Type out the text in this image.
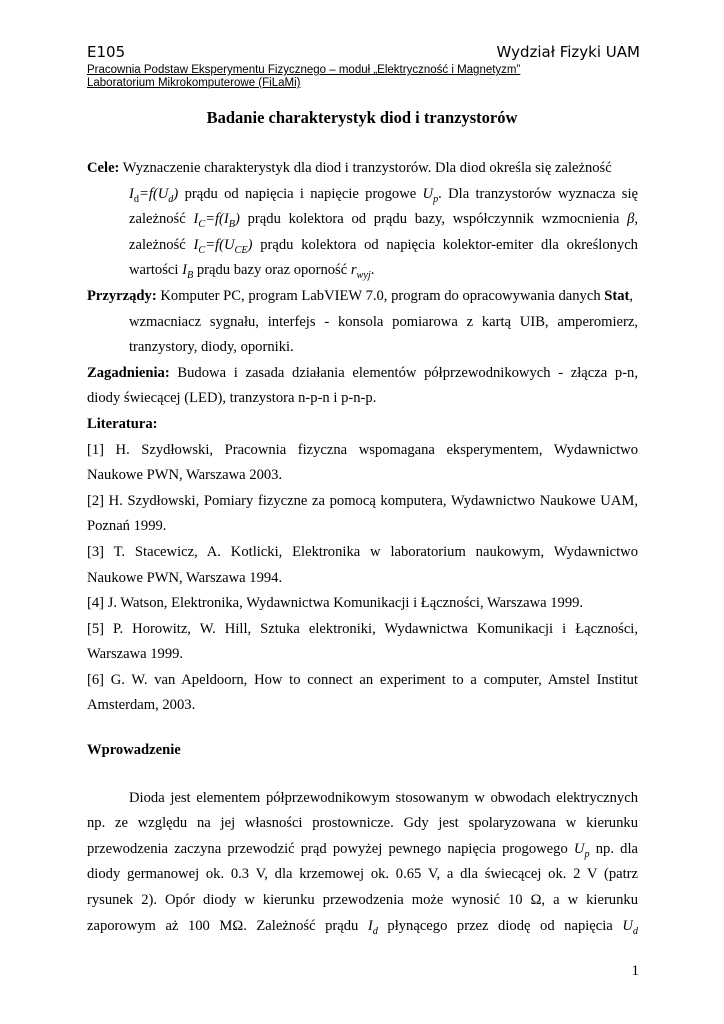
E105	Wydział Fizyki UAM
Pracownia Podstaw Eksperymentu Fizycznego – moduł „Elektryczność i Magnetyzm”
Laboratorium Mikrokomputerowe (FiLaMi)
Badanie charakterystyk diod i tranzystorów

Cele: Wyznaczenie charakterystyk dla diod i tranzystorów. Dla diod określa się zależność

$I_d=f(U_d)$ prądu od napięcia i napięcie progowe $U_p$. Dla tranzystorów wyznacza się

zależność $I_C=f(I_B)$ prądu kolektora od prądu bazy, współczynnik wzmocnienia β,

zależność $I_C=f(U_{CE})$ prądu kolektora od napięcia kolektor-emiter dla określonych

wartości $I_B$ prądu bazy oraz oporność $r_{wyj}$.

Przyrządy: Komputer PC, program LabVIEW 7.0, program do opracowywania danych Stat,

wzmacniacz sygnału, interfejs - konsola pomiarowa z kartą UIB, amperomierz,

tranzystory, diody, oporniki.

Zagadnienia: Budowa i zasada działania elementów półprzewodnikowych - złącza p-n,

diody świecącej (LED), tranzystora n-p-n i p-n-p.

Literatura:

[1] H. Szydłowski, Pracownia fizyczna wspomagana eksperymentem, Wydawnictwo

Naukowe PWN, Warszawa 2003.

[2] H. Szydłowski, Pomiary fizyczne za pomocą komputera, Wydawnictwo Naukowe UAM,

Poznań 1999.

[3] T. Stacewicz, A. Kotlicki, Elektronika w laboratorium naukowym, Wydawnictwo

Naukowe PWN, Warszawa 1994.

[4] J. Watson, Elektronika, Wydawnictwa Komunikacji i Łączności, Warszawa 1999.

[5] P. Horowitz, W. Hill, Sztuka elektroniki, Wydawnictwa Komunikacji i Łączności,

Warszawa 1999.

[6] G. W. van Apeldoorn, How to connect an experiment to a computer, Amstel Institut

Amsterdam, 2003.

Wprowadzenie

Dioda jest elementem półprzewodnikowym stosowanym w obwodach elektrycznych

np. ze względu na jej własności prostownicze. Gdy jest spolaryzowana w kierunku

przewodzenia zaczyna przewodzić prąd powyżej pewnego napięcia progowego $U_p$ np. dla

diody germanowej ok. 0.3 V, dla krzemowej ok. 0.65 V, a dla świecącej ok. 2 V (patrz

rysunek 2). Opór diody w kierunku przewodzenia może wynosić 10 Ω, a w kierunku

zaporowym aż 100 MΩ. Zależność prądu $I_d$ płynącego przez diodę od napięcia $U_d$

1
